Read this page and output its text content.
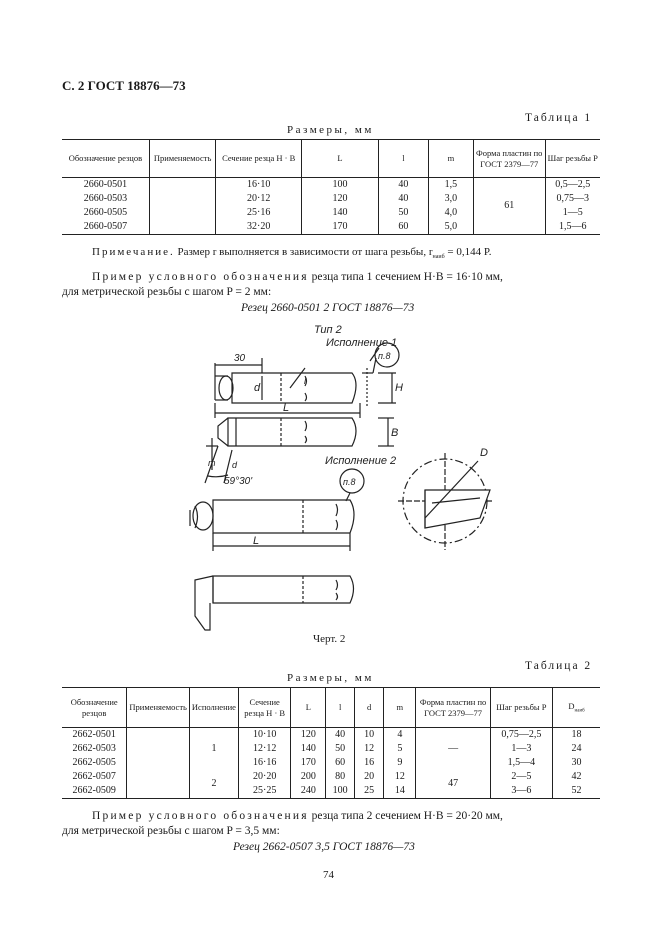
С. 2 ГОСТ 18876—73
Таблица 1
Размеры, мм
Обозначение резцов	Применяемость	Сечение резца H · B	L	l	m	Форма пластин по ГОСТ 2379—77	Шаг резьбы P
2660-0501		16·10	100	40	1,5	61	0,5—2,5
2660-0503		20·12	120	40	3,0		0,75—3
2660-0505		25·16	140	50	4,0		1—5
2660-0507		32·20	170	60	5,0		1,5—6
Примечание. Размер r выполняется в зависимости от шага резьбы, $r_{наиб} = 0,144$ P.
Пример условного обозначения резца типа 1 сечением H·B = 16·10 мм,
для метрической резьбы с шагом P = 2 мм:
Резец 2660-0501 2 ГОСТ 18876—73
Тип 2
Исполнение 1
п.8
30
L
H
d
l
B
m d
59°30'
Исполнение 2
п.8
L
D
Черт. 2
Таблица 2
Размеры, мм
Обозначение резцов	Применяемость	Исполнение	Сечение резца H · B	L	l	d	m	Форма пластин по ГОСТ 2379—77	Шаг резьбы P	$D_{наиб}$
2662-0501		1	10·10	120	40	10	4	—	0,75—2,5	18
2662-0503			12·12	140	50	12	5		1—3	24
2662-0505			16·16	170	60	16	9		1,5—4	30
2662-0507		2	20·20	200	80	20	12	47	2—5	42
2662-0509			25·25	240	100	25	14		3—6	52
Пример условного обозначения резца типа 2 сечением H·B = 20·20 мм,
для метрической резьбы с шагом P = 3,5 мм:
Резец 2662-0507 3,5 ГОСТ 18876—73
74
